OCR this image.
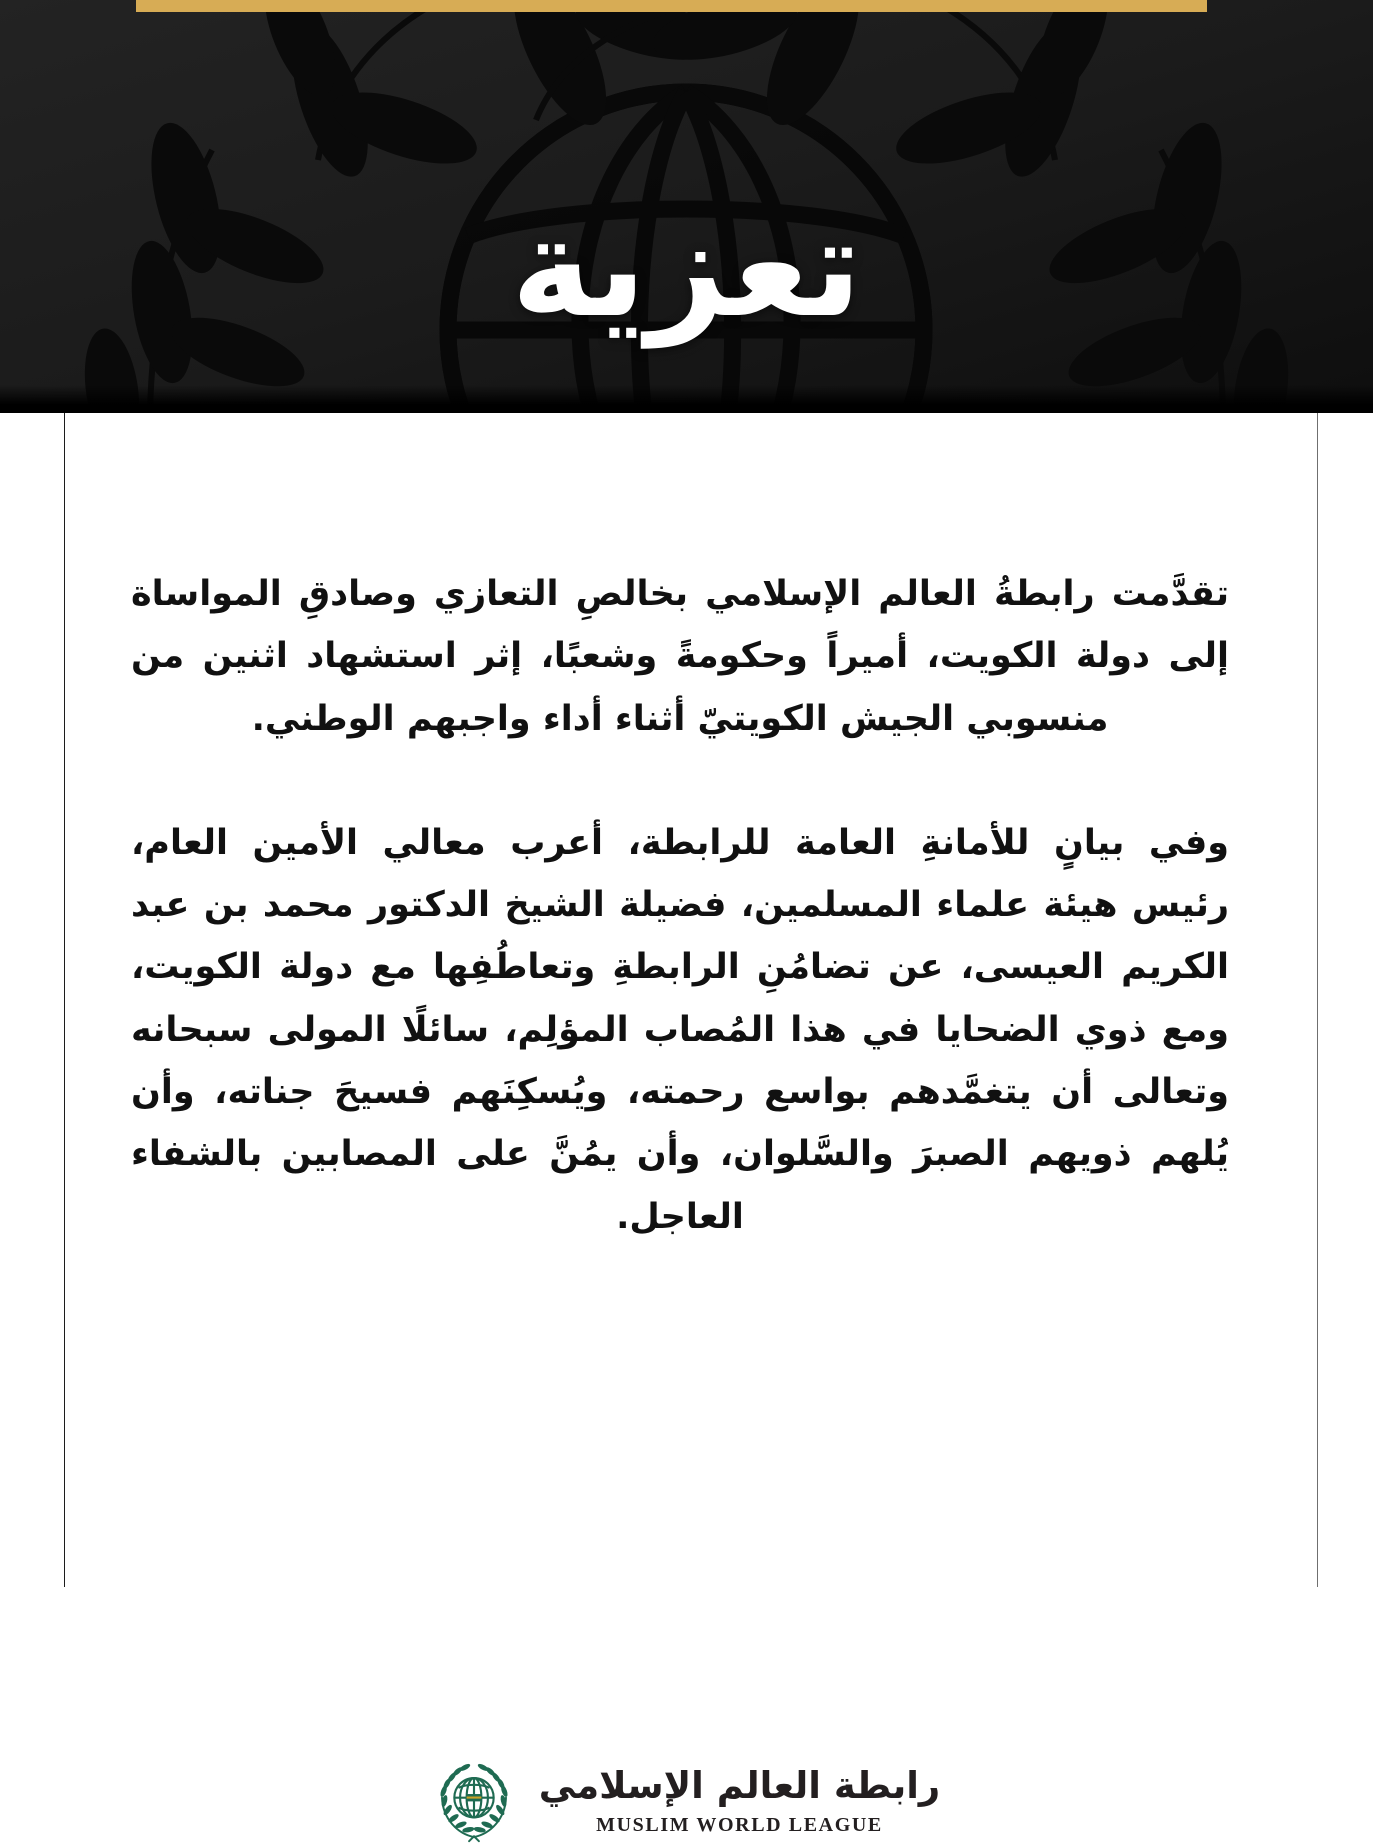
تعزية

تقدَّمت رابطةُ العالم الإسلامي بخالصِ التعازي وصادقِ المواساة إلى دولة الكويت، أميراً وحكومةً وشعبًا، إثر استشهاد اثنين من منسوبي الجيش الكويتيّ أثناء أداء واجبهم الوطني.

وفي بيانٍ للأمانةِ العامة للرابطة، أعرب معالي الأمين العام، رئيس هيئة علماء المسلمين، فضيلة الشيخ الدكتور محمد بن عبد الكريم العيسى، عن تضامُنِ الرابطةِ وتعاطُفِها مع دولة الكويت، ومع ذوي الضحايا في هذا المُصاب المؤلِم، سائلًا المولى سبحانه وتعالى أن يتغمَّدهم بواسع رحمته، ويُسكِنَهم فسيحَ جناته، وأن يُلهم ذويهم الصبرَ والسَّلوان، وأن يمُنَّ على المصابين بالشفاء العاجل.

رابطة العالم الإسلامي
MUSLIM WORLD LEAGUE
